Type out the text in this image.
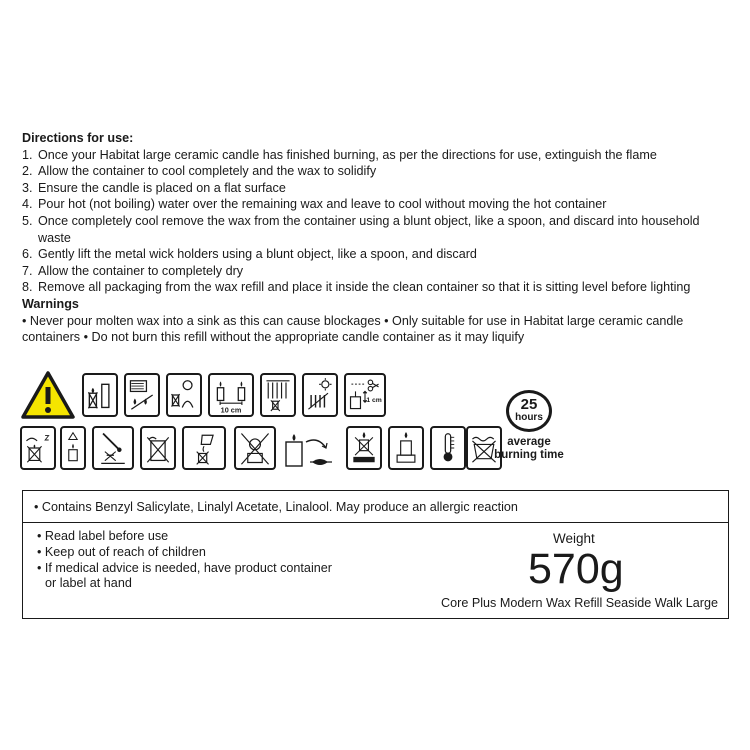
Directions for use:
1. Once your Habitat large ceramic candle has finished burning, as per the directions for use, extinguish the flame
2. Allow the container to cool completely and the wax to solidify
3. Ensure the candle is placed on a flat surface
4. Pour hot (not boiling) water over the remaining wax and leave to cool without moving the hot container
5. Once completely cool remove the wax from the container using a blunt object, like a spoon, and discard into household waste
6. Gently lift the metal wick holders using a blunt object, like a spoon, and discard
7. Allow the container to completely dry
8. Remove all packaging from the wax refill and place it inside the clean container so that it is sitting level before lighting
Warnings

• Never pour molten wax into a sink as this can cause blockages • Only suitable for use in Habitat large ceramic candle containers • Do not burn this refill without the appropriate candle container as it may liquify

10 cm
1 cm	25
hours
average
burning time
• Contains Benzyl Salicylate, Linalyl Acetate, Linalool. May produce an allergic reaction
• Read label before use
• Keep out of reach of children
• If medical advice is needed, have product container
or label at hand
Weight
570g
Core Plus Modern Wax Refill Seaside Walk Large
